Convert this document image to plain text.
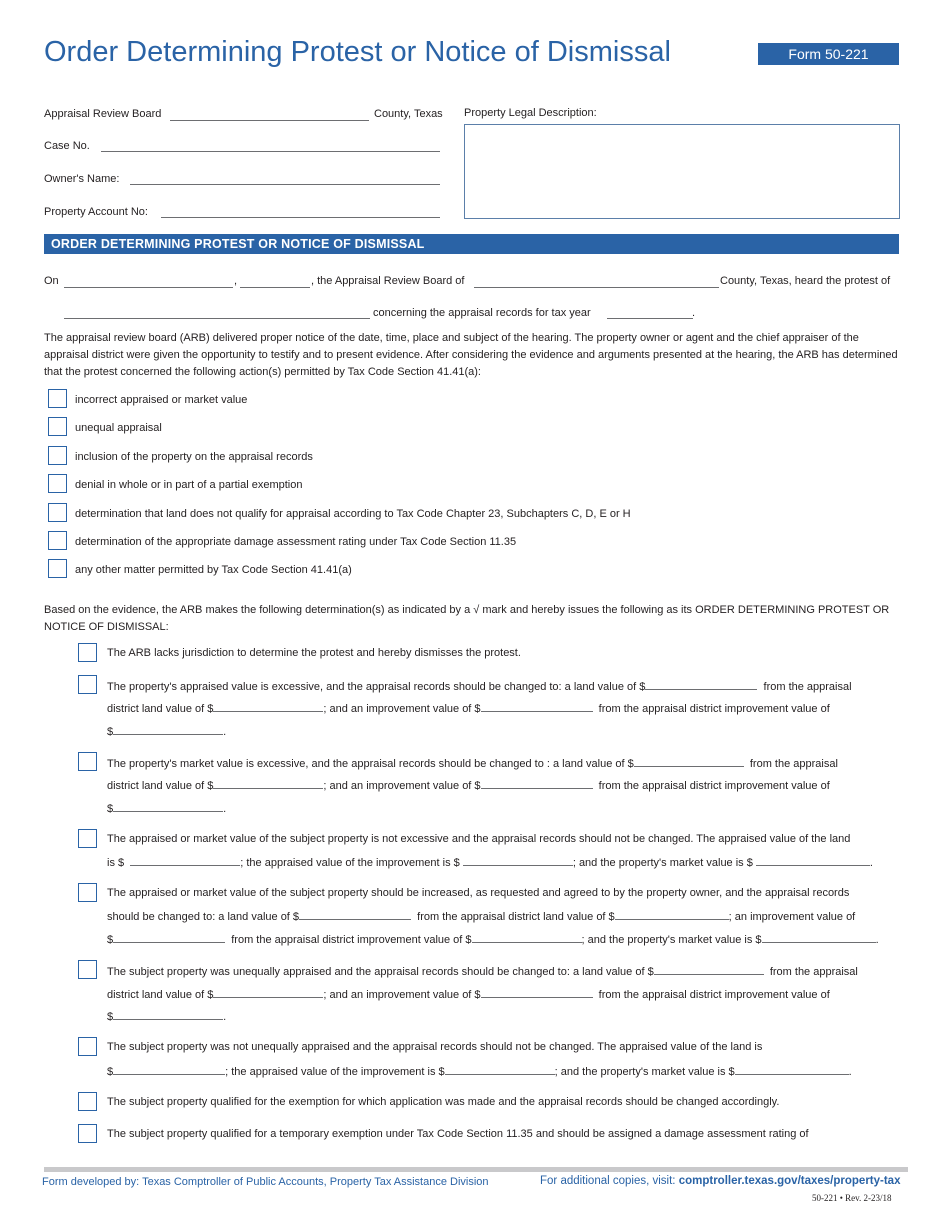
Order Determining Protest or Notice of Dismissal	Form 50-221
Appraisal Review Board	County, Texas
Case No.
Owner's Name:
Property Account No:
Property Legal Description:
ORDER DETERMINING PROTEST OR NOTICE OF DISMISSAL
On	,	, the Appraisal Review Board of	County, Texas, heard the protest of
concerning the appraisal records for tax year	.
The appraisal review board (ARB) delivered proper notice of the date, time, place and subject of the hearing. The property owner or agent and the chief appraiser of the appraisal district were given the opportunity to testify and to present evidence. After considering the evidence and arguments presented at the hearing, the ARB has determined that the protest concerned the following action(s) permitted by Tax Code Section 41.41(a):
incorrect appraised or market value
unequal appraisal
inclusion of the property on the appraisal records
denial in whole or in part of a partial exemption
determination that land does not qualify for appraisal according to Tax Code Chapter 23, Subchapters C, D, E or H
determination of the appropriate damage assessment rating under Tax Code Section 11.35
any other matter permitted by Tax Code Section 41.41(a)
Based on the evidence, the ARB makes the following determination(s) as indicated by a √ mark and hereby issues the following as its ORDER DETERMINING PROTEST OR NOTICE OF DISMISSAL:
The ARB lacks jurisdiction to determine the protest and hereby dismisses the protest.
The property's appraised value is excessive, and the appraisal records should be changed to: a land value of $	from the appraisal
district land value of $	; and an improvement value of $	from the appraisal district improvement value of
$	.
The property's market value is excessive, and the appraisal records should be changed to : a land value of $	from the appraisal
district land value of $	; and an improvement value of $	from the appraisal district improvement value of
$	.
The appraised or market value of the subject property is not excessive and the appraisal records should not be changed. The appraised value of the land
is $	; the appraised value of the improvement is $	; and the property's market value is $	.
The appraised or market value of the subject property should be increased, as requested and agreed to by the property owner, and the appraisal records
should be changed to: a land value of $	from the appraisal district land value of $	; an improvement value of
$	from the appraisal district improvement value of $	; and the property's market value is $	.
The subject property was unequally appraised and the appraisal records should be changed to: a land value of $	from the appraisal
district land value of $	; and an improvement value of $	from the appraisal district improvement value of
$	.
The subject property was not unequally appraised and the appraisal records should not be changed. The appraised value of the land is
$	; the appraised value of the improvement is $	; and the property's market value is $	.
The subject property qualified for the exemption for which application was made and the appraisal records should be changed accordingly.
The subject property qualified for a temporary exemption under Tax Code Section 11.35 and should be assigned a damage assessment rating of
Form developed by: Texas Comptroller of Public Accounts, Property Tax Assistance Division	For additional copies, visit: comptroller.texas.gov/taxes/property-tax
50-221 • Rev. 2-23/18
